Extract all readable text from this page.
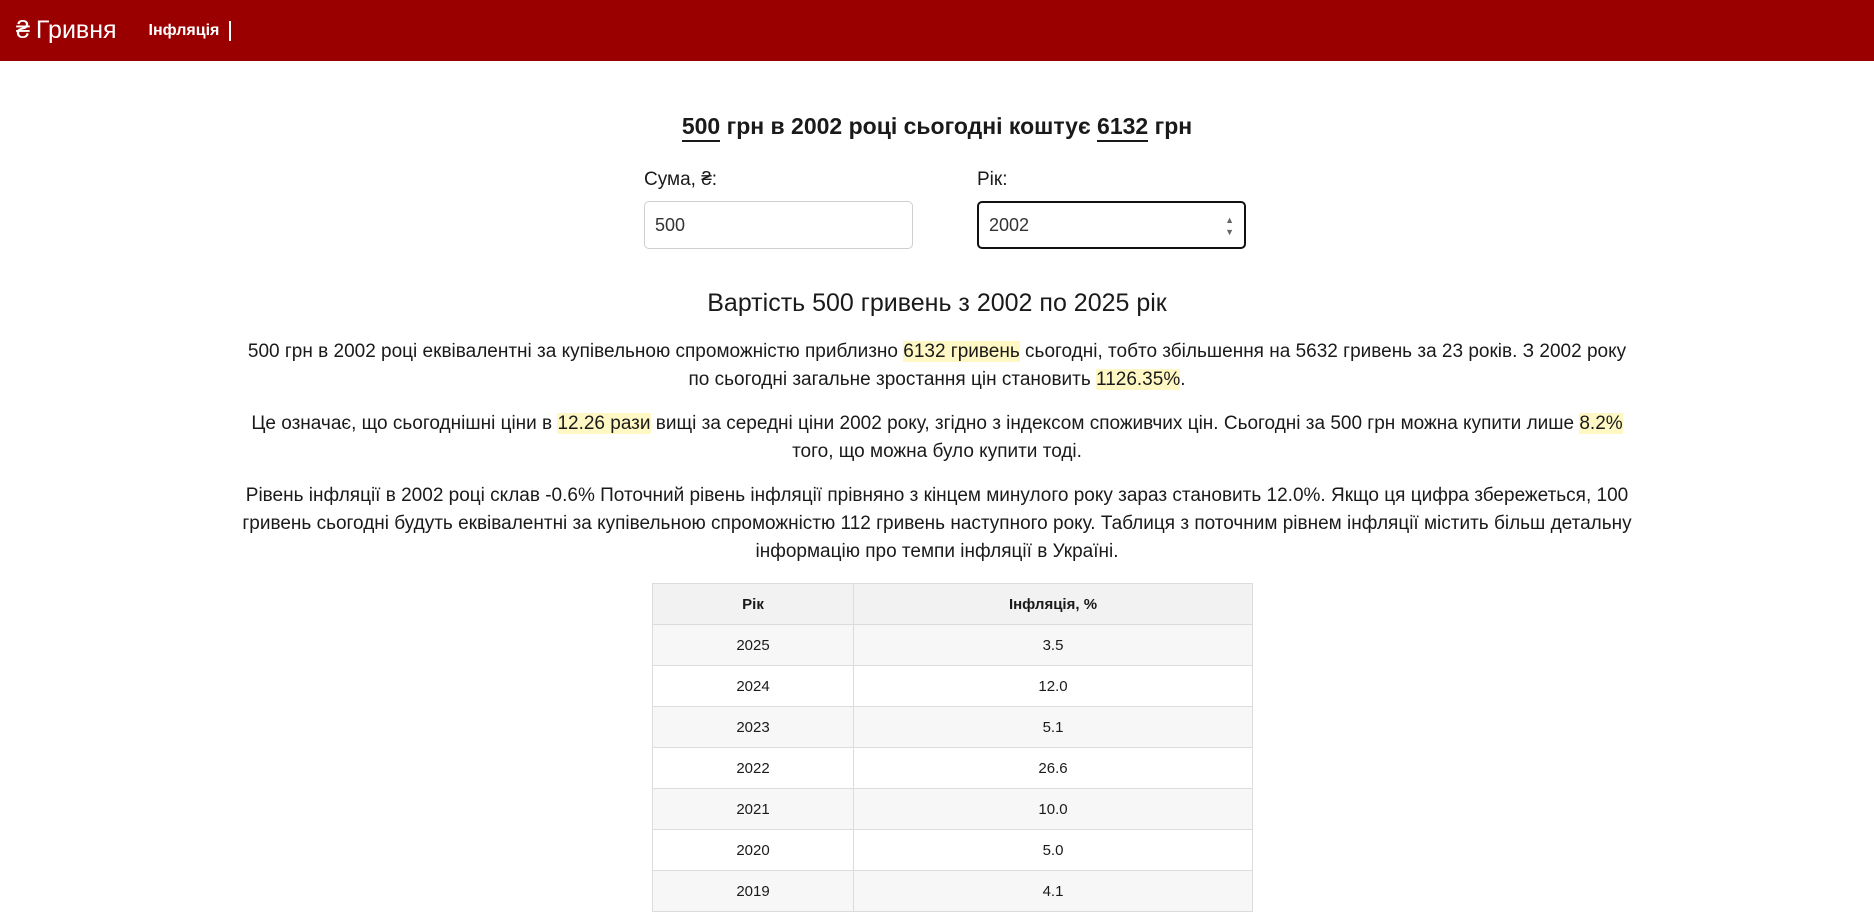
₴ Гривня Інфляція
500 грн в 2002 році сьогодні коштує 6132 грн
Сума, ₴:
500	Рік:
2002
▲
▼
Вартість 500 гривень з 2002 по 2025 рік

500 грн в 2002 році еквівалентні за купівельною спроможністю приблизно 6132 гривень сьогодні, тобто збільшення на 5632 гривень за 23 років. З 2002 року по сьогодні загальне зростання цін становить 1126.35%.

Це означає, що сьогоднішні ціни в 12.26 рази вищі за середні ціни 2002 року, згідно з індексом споживчих цін. Сьогодні за 500 грн можна купити лише 8.2% того, що можна було купити тоді.

Рівень інфляції в 2002 році склав -0.6% Поточний рівень інфляції прівняно з кінцем минулого року зараз становить 12.0%. Якщо ця цифра збережеться, 100 гривень сьогодні будуть еквівалентні за купівельною спроможністю 112 гривень наступного року. Таблиця з поточним рівнем інфляції містить більш детальну інформацію про темпи інфляції в Україні.

Рік	Інфляція, %
2025	3.5
2024	12.0
2023	5.1
2022	26.6
2021	10.0
2020	5.0
2019	4.1
